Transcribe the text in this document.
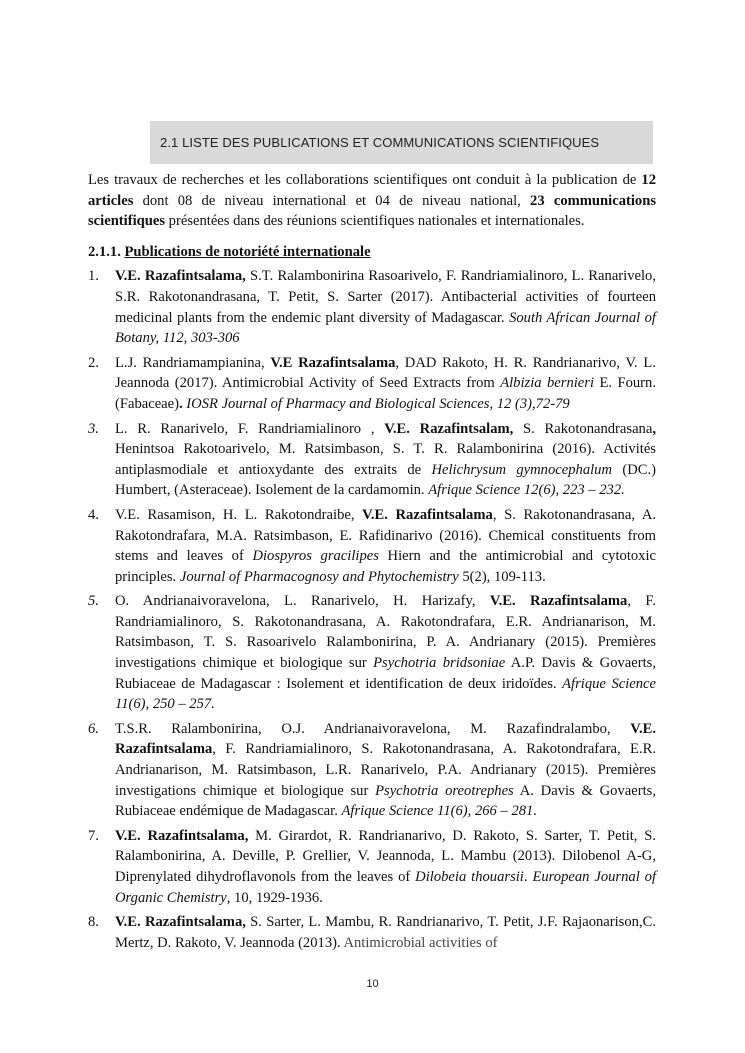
2.1 LISTE DES PUBLICATIONS ET COMMUNICATIONS SCIENTIFIQUES

Les travaux de recherches et les collaborations scientifiques ont conduit à la publication de 12 articles dont 08 de niveau international et 04 de niveau national, 23 communications scientifiques présentées dans des réunions scientifiques nationales et internationales.

2.1.1. Publications de notoriété internationale
1. V.E. Razafintsalama, S.T. Ralambonirina Rasoarivelo, F. Randriamialinoro, L. Ranarivelo, S.R. Rakotonandrasana, T. Petit, S. Sarter (2017). Antibacterial activities of fourteen medicinal plants from the endemic plant diversity of Madagascar. South African Journal of Botany, 112, 303-306
2. L.J. Randriamampianina, V.E Razafintsalama, DAD Rakoto, H. R. Randrianarivo, V. L. Jeannoda (2017). Antimicrobial Activity of Seed Extracts from Albizia bernieri E. Fourn. (Fabaceae). IOSR Journal of Pharmacy and Biological Sciences, 12 (3),72-79
3. L. R. Ranarivelo, F. Randriamialinoro , V.E. Razafintsalam, S. Rakotonandrasana, Henintsoa Rakotoarivelo, M. Ratsimbason, S. T. R. Ralambonirina (2016). Activités antiplasmodiale et antioxydante des extraits de Helichrysum gymnocephalum (DC.) Humbert, (Asteraceae). Isolement de la cardamomin. Afrique Science 12(6), 223 – 232.
4. V.E. Rasamison, H. L. Rakotondraibe, V.E. Razafintsalama, S. Rakotonandrasana, A. Rakotondrafara, M.A. Ratsimbason, E. Rafidinarivo (2016). Chemical constituents from stems and leaves of Diospyros gracilipes Hiern and the antimicrobial and cytotoxic principles. Journal of Pharmacognosy and Phytochemistry 5(2), 109-113.
5. O. Andrianaivoravelona, L. Ranarivelo, H. Harizafy, V.E. Razafintsalama, F. Randriamialinoro, S. Rakotonandrasana, A. Rakotondrafara, E.R. Andrianarison, M. Ratsimbason, T. S. Rasoarivelo Ralambonirina, P. A. Andrianary (2015). Premières investigations chimique et biologique sur Psychotria bridsoniae A.P. Davis & Govaerts, Rubiaceae de Madagascar : Isolement et identification de deux iridoïdes. Afrique Science 11(6), 250 – 257.
6. T.S.R. Ralambonirina, O.J. Andrianaivoravelona, M. Razafindralambo, V.E. Razafintsalama, F. Randriamialinoro, S. Rakotonandrasana, A. Rakotondrafara, E.R. Andrianarison, M. Ratsimbason, L.R. Ranarivelo, P.A. Andrianary (2015). Premières investigations chimique et biologique sur Psychotria oreotrephes A. Davis & Govaerts, Rubiaceae endémique de Madagascar. Afrique Science 11(6), 266 – 281.
7. V.E. Razafintsalama, M. Girardot, R. Randrianarivo, D. Rakoto, S. Sarter, T. Petit, S. Ralambonirina, A. Deville, P. Grellier, V. Jeannoda, L. Mambu (2013). Dilobenol A-G, Diprenylated dihydroflavonols from the leaves of Dilobeia thouarsii. European Journal of Organic Chemistry, 10, 1929-1936.
8. V.E. Razafintsalama, S. Sarter, L. Mambu, R. Randrianarivo, T. Petit, J.F. Rajaonarison,C. Mertz, D. Rakoto, V. Jeannoda (2013). Antimicrobial activities of
10
